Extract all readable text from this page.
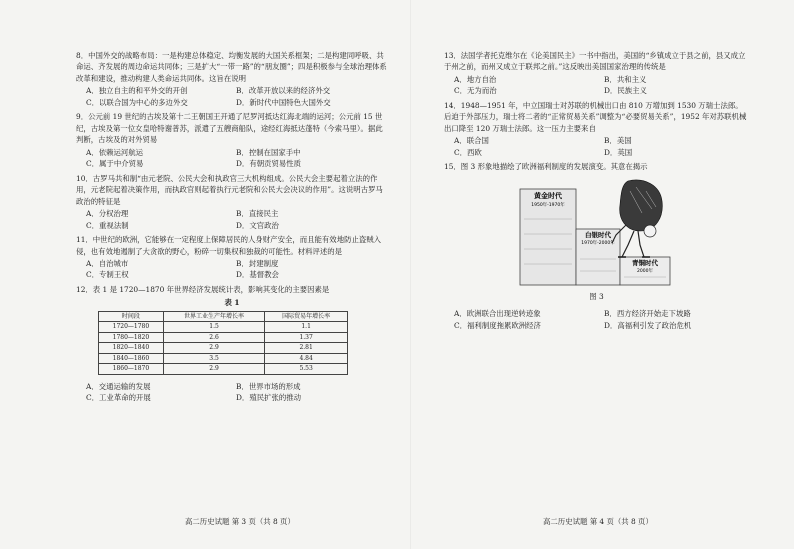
8．中国外交的战略布局：一是构建总体稳定、均衡发展的大国关系框架；二是构建同呼吸、共命运、齐发展的周边命运共同体；三是扩大“一带一路”的“朋友圈”；四是积极参与全球治理体系改革和建设，推动构建人类命运共同体。这旨在说明
A．独立自主的和平外交的开创	B．改革开放以来的经济外交
C．以联合国为中心的多边外交	D．新时代中国特色大国外交
9．公元前 19 世纪的古埃及第十二王朝国王开通了尼罗河抵达红海北端的运河；公元前 15 世纪，古埃及第一位女皇哈特谢普苏，派遣了五艘商船队，途经红海抵达蓬特（今索马里）。据此判断，古埃及的对外贸易
A．依赖运河航运	B．控制在国家手中
C．属于中介贸易	D．有朝贡贸易性质
10．古罗马共和制“由元老院、公民大会和执政官三大机构组成。公民大会主要起着立法的作用，元老院起着决策作用，而执政官则起着执行元老院和公民大会决议的作用”。这说明古罗马政治的特征是
A．分权治理	B．直接民主
C．重视法制	D．文官政治
11．中世纪的欧洲，它能够在一定程度上保障居民的人身财产安全，而且能有效地防止盗贼入侵，也有效地遏制了大贪欲的野心，粉碎一切集权和独裁的可能性。材料评述的是
A．自治城市	B．封建制度
C．专制王权	D．基督教会
12．表 1 是 1720—1870 年世界经济发展统计表，影响其变化的主要因素是
表 1
时间段	世界工业生产年增长率	国际贸易年增长率
1720—1780	1.5	1.1
1780—1820	2.6	1.37
1820—1840	2.9	2.81
1840—1860	3.5	4.84
1860—1870	2.9	5.53
A．交通运输的发展	B．世界市场的形成
C．工业革命的开展	D．殖民扩张的推动
高二历史试题 第 3 页（共 8 页）
13．法国学者托克维尔在《论美国民主》一书中指出，美国的“乡镇成立于县之前，县又成立于州之前，而州又成立于联邦之前。”这反映出美国国家治理的传统是
A．地方自治	B．共和主义
C．无为而治	D．民族主义
14．1948—1951 年，中立国瑞士对苏联的机械出口由 810 万增加到 1530 万瑞士法郎。后迫于外部压力，瑞士将二者的“正常贸易关系”调整为“必要贸易关系”，1952 年对苏联机械出口降至 120 万瑞士法郎。这一压力主要来自
A．联合国	B．美国
C．西欧	D．英国
15．图 3 形象地描绘了欧洲福利制度的发展演变。其意在揭示
黄金时代
1950年-1970年
白银时代
1970年-2000年
青铜时代
2000年
图 3
A．欧洲联合出现逆转迹象	B．西方经济开始走下坡路
C．福利制度拖累欧洲经济	D．高福利引发了政治危机
高二历史试题 第 4 页（共 8 页）
